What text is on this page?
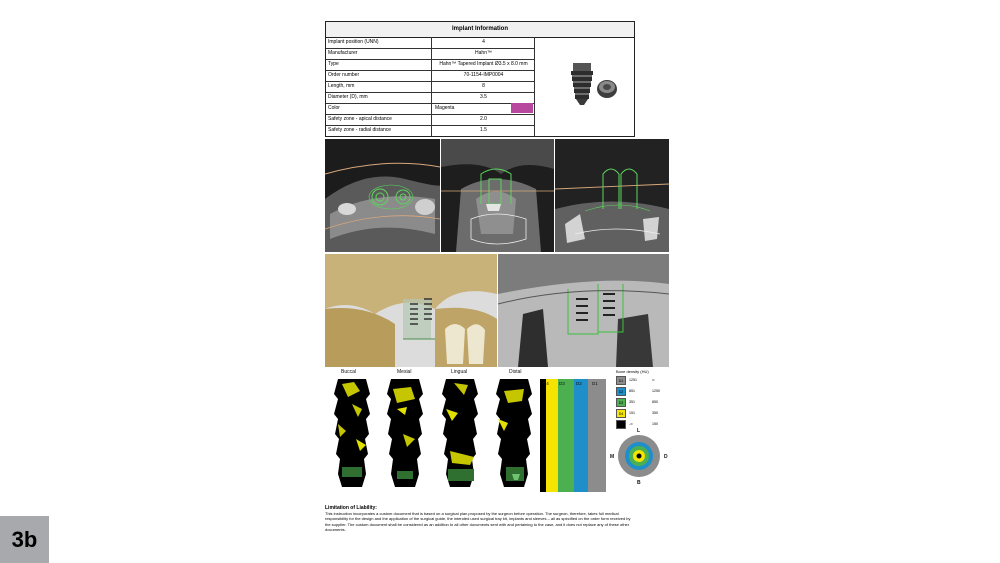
Implant Information
Implant position (UNN)	4
Manufacturer	Hahn™
Type	Hahn™ Tapered Implant Ø3.5 x 8.0 mm
Order number	70-1154-IMP0004
Length, mm	8
Diameter (D), mm	3.5
Color	Magenta
Safety zone - apical distance	2.0
Safety zone - radial distance	1.5
Buccal	Mesial	Lingual	Distal
D4 D3 D2 D1
Bone density (HU)
D1	1251	∞
D2	851	1250
D3	351	850
D4	151	350
-∞	150
L
M	D
B
Limitation of Liability:
This instruction incorporates a custom document that is based on a surgical plan proposed by the surgeon before operation. The surgeon, therefore, takes full medical responsibility for the design and the application of the surgical guide, the intended used surgical tray kit, implants and sleeves – all as specified on the order form received by the supplier. The custom document shall be considered as an addition to all other documents sent with and pertaining to the case, and it does not replace any of these other documents.
3b
